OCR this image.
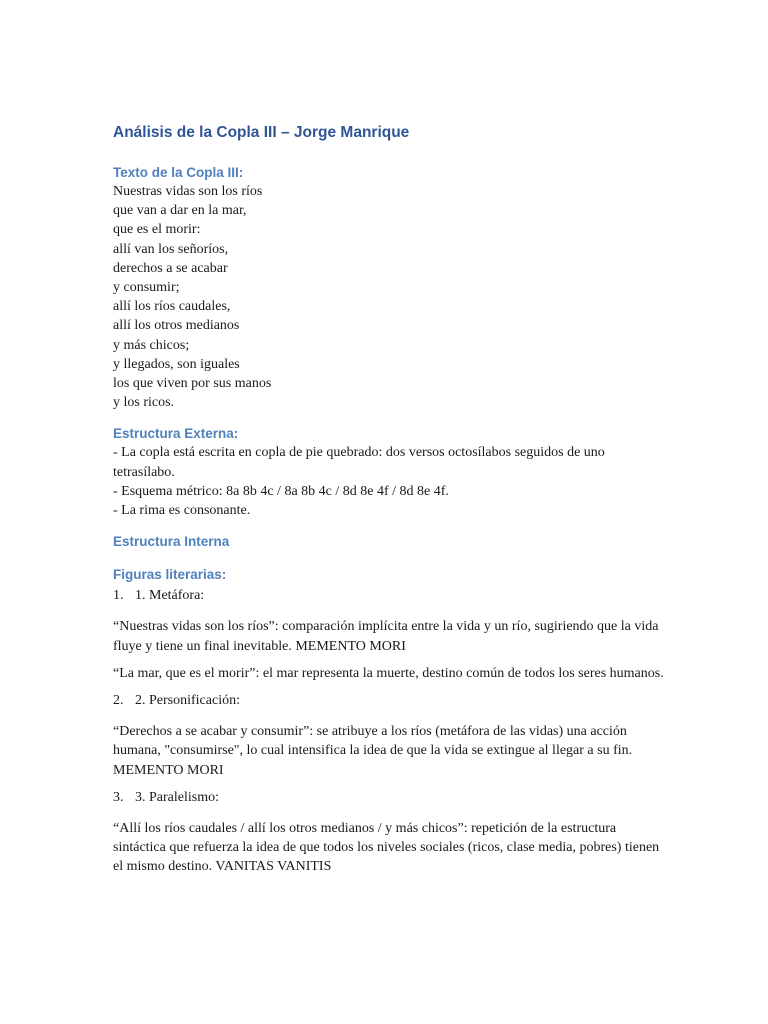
Análisis de la Copla III – Jorge Manrique
Texto de la Copla III:
Nuestras vidas son los ríos
que van a dar en la mar,
que es el morir:
allí van los señoríos,
derechos a se acabar
y consumir;
allí los ríos caudales,
allí los otros medianos
y más chicos;
y llegados, son iguales
los que viven por sus manos
y los ricos.
Estructura Externa:

- La copla está escrita en copla de pie quebrado: dos versos octosílabos seguidos de uno tetrasílabo.

- Esquema métrico: 8a 8b 4c / 8a 8b 4c / 8d 8e 4f / 8d 8e 4f.

- La rima es consonante.

Estructura Interna
Figuras literarias:
1. 1. Metáfora:

“Nuestras vidas son los ríos”: comparación implícita entre la vida y un río, sugiriendo que la vida fluye y tiene un final inevitable. MEMENTO MORI

“La mar, que es el morir”: el mar representa la muerte, destino común de todos los seres humanos.

2. 2. Personificación:

“Derechos a se acabar y consumir”: se atribuye a los ríos (metáfora de las vidas) una acción humana, "consumirse", lo cual intensifica la idea de que la vida se extingue al llegar a su fin. MEMENTO MORI

3. 3. Paralelismo:

“Allí los ríos caudales / allí los otros medianos / y más chicos”: repetición de la estructura sintáctica que refuerza la idea de que todos los niveles sociales (ricos, clase media, pobres) tienen el mismo destino. VANITAS VANITIS
